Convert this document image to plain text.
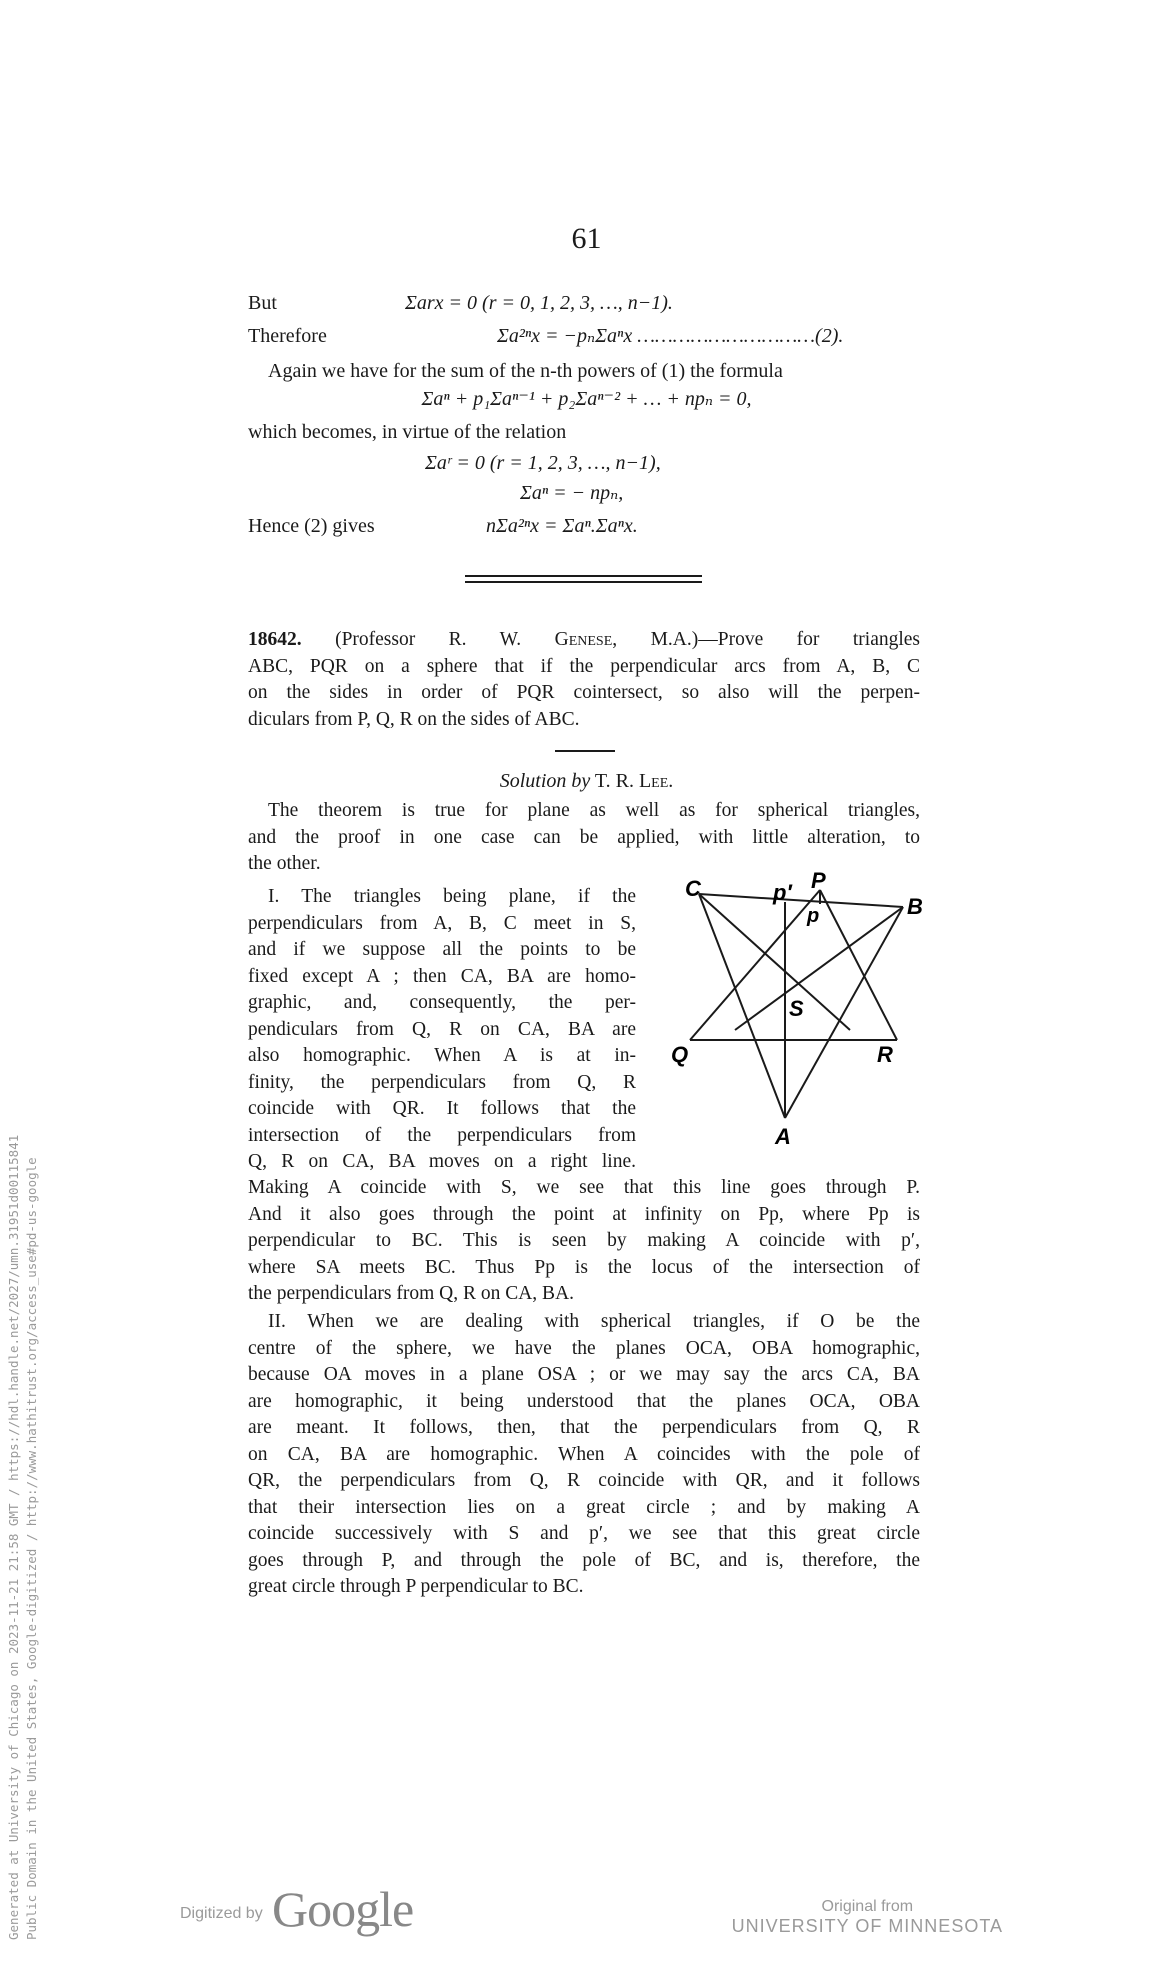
61
But	Σarx = 0 (r = 0, 1, 2, 3, …, n−1).
Therefore	Σa²ⁿx = −pₙΣaⁿx …………………………(2).
Again we have for the sum of the n-th powers of (1) the formula
Σaⁿ + p₁Σaⁿ⁻¹ + p₂Σaⁿ⁻² + … + npₙ = 0,
which becomes, in virtue of the relation
Σaʳ = 0 (r = 1, 2, 3, …, n−1),
Σaⁿ = − npₙ,
Hence (2) gives	nΣa²ⁿx = Σaⁿ.Σaⁿx.
18642. (Professor R. W. Genese, M.A.)—Prove for triangles
ABC, PQR on a sphere that if the perpendicular arcs from A, B, C
on the sides in order of PQR cointersect, so also will the perpen-
diculars from P, Q, R on the sides of ABC.
Solution by T. R. Lee.
The theorem is true for plane as well as for spherical triangles,
and the proof in one case can be applied, with little alteration, to
the other.
I. The triangles being plane, if the
perpendiculars from A, B, C meet in S,
and if we suppose all the points to be
fixed except A ; then CA, BA are homo-
graphic, and, consequently, the per-
pendiculars from Q, R on CA, BA are
also homographic. When A is at in-
finity, the perpendiculars from Q, R
coincide with QR. It follows that the
intersection of the perpendiculars from
Q, R on CA, BA moves on a right line.
C	p′ P
p	B
S
Q	R
A
Making A coincide with S, we see that this line goes through P.
And it also goes through the point at infinity on Pp, where Pp is
perpendicular to BC. This is seen by making A coincide with p′,
where SA meets BC. Thus Pp is the locus of the intersection of
the perpendiculars from Q, R on CA, BA.
II. When we are dealing with spherical triangles, if O be the
centre of the sphere, we have the planes OCA, OBA homographic,
because OA moves in a plane OSA ; or we may say the arcs CA, BA
are homographic, it being understood that the planes OCA, OBA
are meant. It follows, then, that the perpendiculars from Q, R
on CA, BA are homographic. When A coincides with the pole of
QR, the perpendiculars from Q, R coincide with QR, and it follows
that their intersection lies on a great circle ; and by making A
coincide successively with S and p′, we see that this great circle
goes through P, and through the pole of BC, and is, therefore, the
great circle through P perpendicular to BC.
Generated at University of Chicago on 2023-11-21 21:58 GMT / https://hdl.handle.net/2027/umn.31951d00115841 Public Domain in the United States, Google-digitized / http://www.hathitrust.org/access_use#pd-us-google	Digitized by Google	Original from
UNIVERSITY OF MINNESOTA
